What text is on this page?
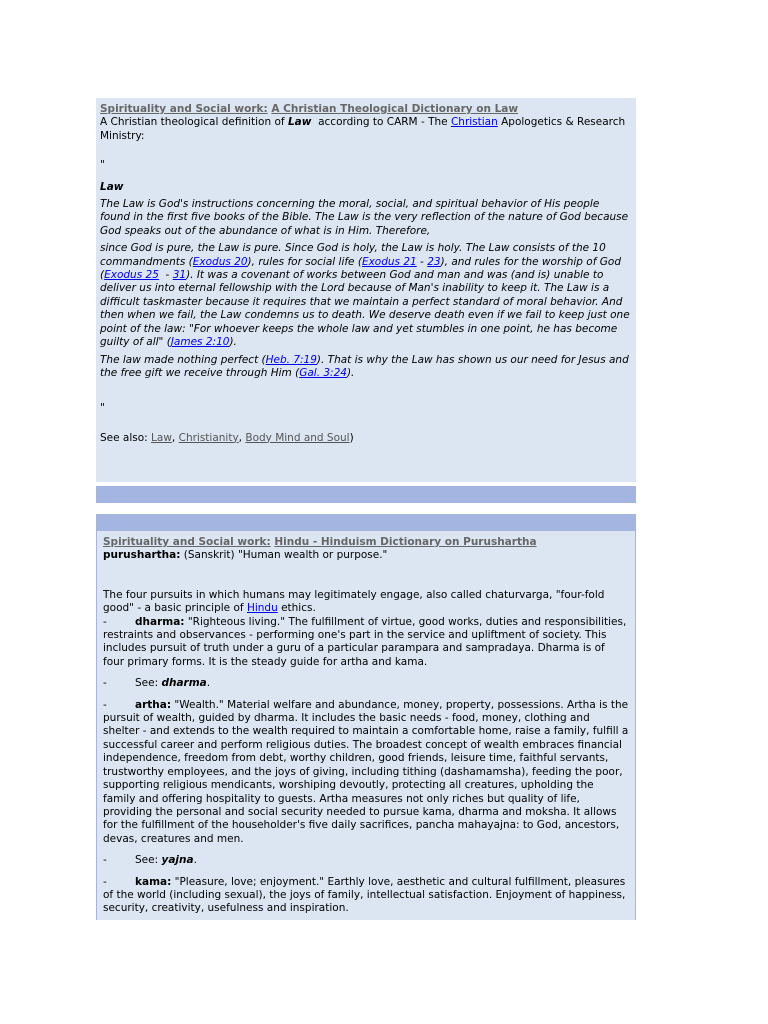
Spirituality and Social work: A Christian Theological Dictionary on Law

A Christian theological definition of Law  according to CARM - The Christian Apologetics & Research Ministry:

"

Law

The Law is God's instructions concerning the moral, social, and spiritual behavior of His people found in the first five books of the Bible. The Law is the very reflection of the nature of God because God speaks out of the abundance of what is in Him. Therefore,

since God is pure, the Law is pure. Since God is holy, the Law is holy. The Law consists of the 10 commandments (Exodus 20), rules for social life (Exodus 21 - 23), and rules for the worship of God (Exodus 25  - 31). It was a covenant of works between God and man and was (and is) unable to deliver us into eternal fellowship with the Lord because of Man's inability to keep it. The Law is a difficult taskmaster because it requires that we maintain a perfect standard of moral behavior. And then when we fail, the Law condemns us to death. We deserve death even if we fail to keep just one point of the law: "For whoever keeps the whole law and yet stumbles in one point, he has become guilty of all" (James 2:10).

The law made nothing perfect (Heb. 7:19). That is why the Law has shown us our need for Jesus and the free gift we receive through Him (Gal. 3:24).

"

See also: Law, Christianity, Body Mind and Soul)

Spirituality and Social work: Hindu - Hinduism Dictionary on Purushartha

purushartha: (Sanskrit) "Human wealth or purpose."

The four pursuits in which humans may legitimately engage, also called chaturvarga, "four-fold good" - a basic principle of Hindu ethics.

-	dharma: "Righteous living." The fulfillment of virtue, good works, duties and responsibilities, restraints and observances - performing one's part in the service and upliftment of society. This includes pursuit of truth under a guru of a particular parampara and sampradaya. Dharma is of four primary forms. It is the steady guide for artha and kama.

-	See: dharma.

-	artha: "Wealth." Material welfare and abundance, money, property, possessions. Artha is the pursuit of wealth, guided by dharma. It includes the basic needs - food, money, clothing and shelter - and extends to the wealth required to maintain a comfortable home, raise a family, fulfill a successful career and perform religious duties. The broadest concept of wealth embraces financial independence, freedom from debt, worthy children, good friends, leisure time, faithful servants, trustworthy employees, and the joys of giving, including tithing (dashamamsha), feeding the poor, supporting religious mendicants, worshiping devoutly, protecting all creatures, upholding the family and offering hospitality to guests. Artha measures not only riches but quality of life, providing the personal and social security needed to pursue kama, dharma and moksha. It allows for the fulfillment of the householder's five daily sacrifices, pancha mahayajna: to God, ancestors, devas, creatures and men.

-	See: yajna.

-	kama: "Pleasure, love; enjoyment." Earthly love, aesthetic and cultural fulfillment, pleasures of the world (including sexual), the joys of family, intellectual satisfaction. Enjoyment of happiness, security, creativity, usefulness and inspiration.
